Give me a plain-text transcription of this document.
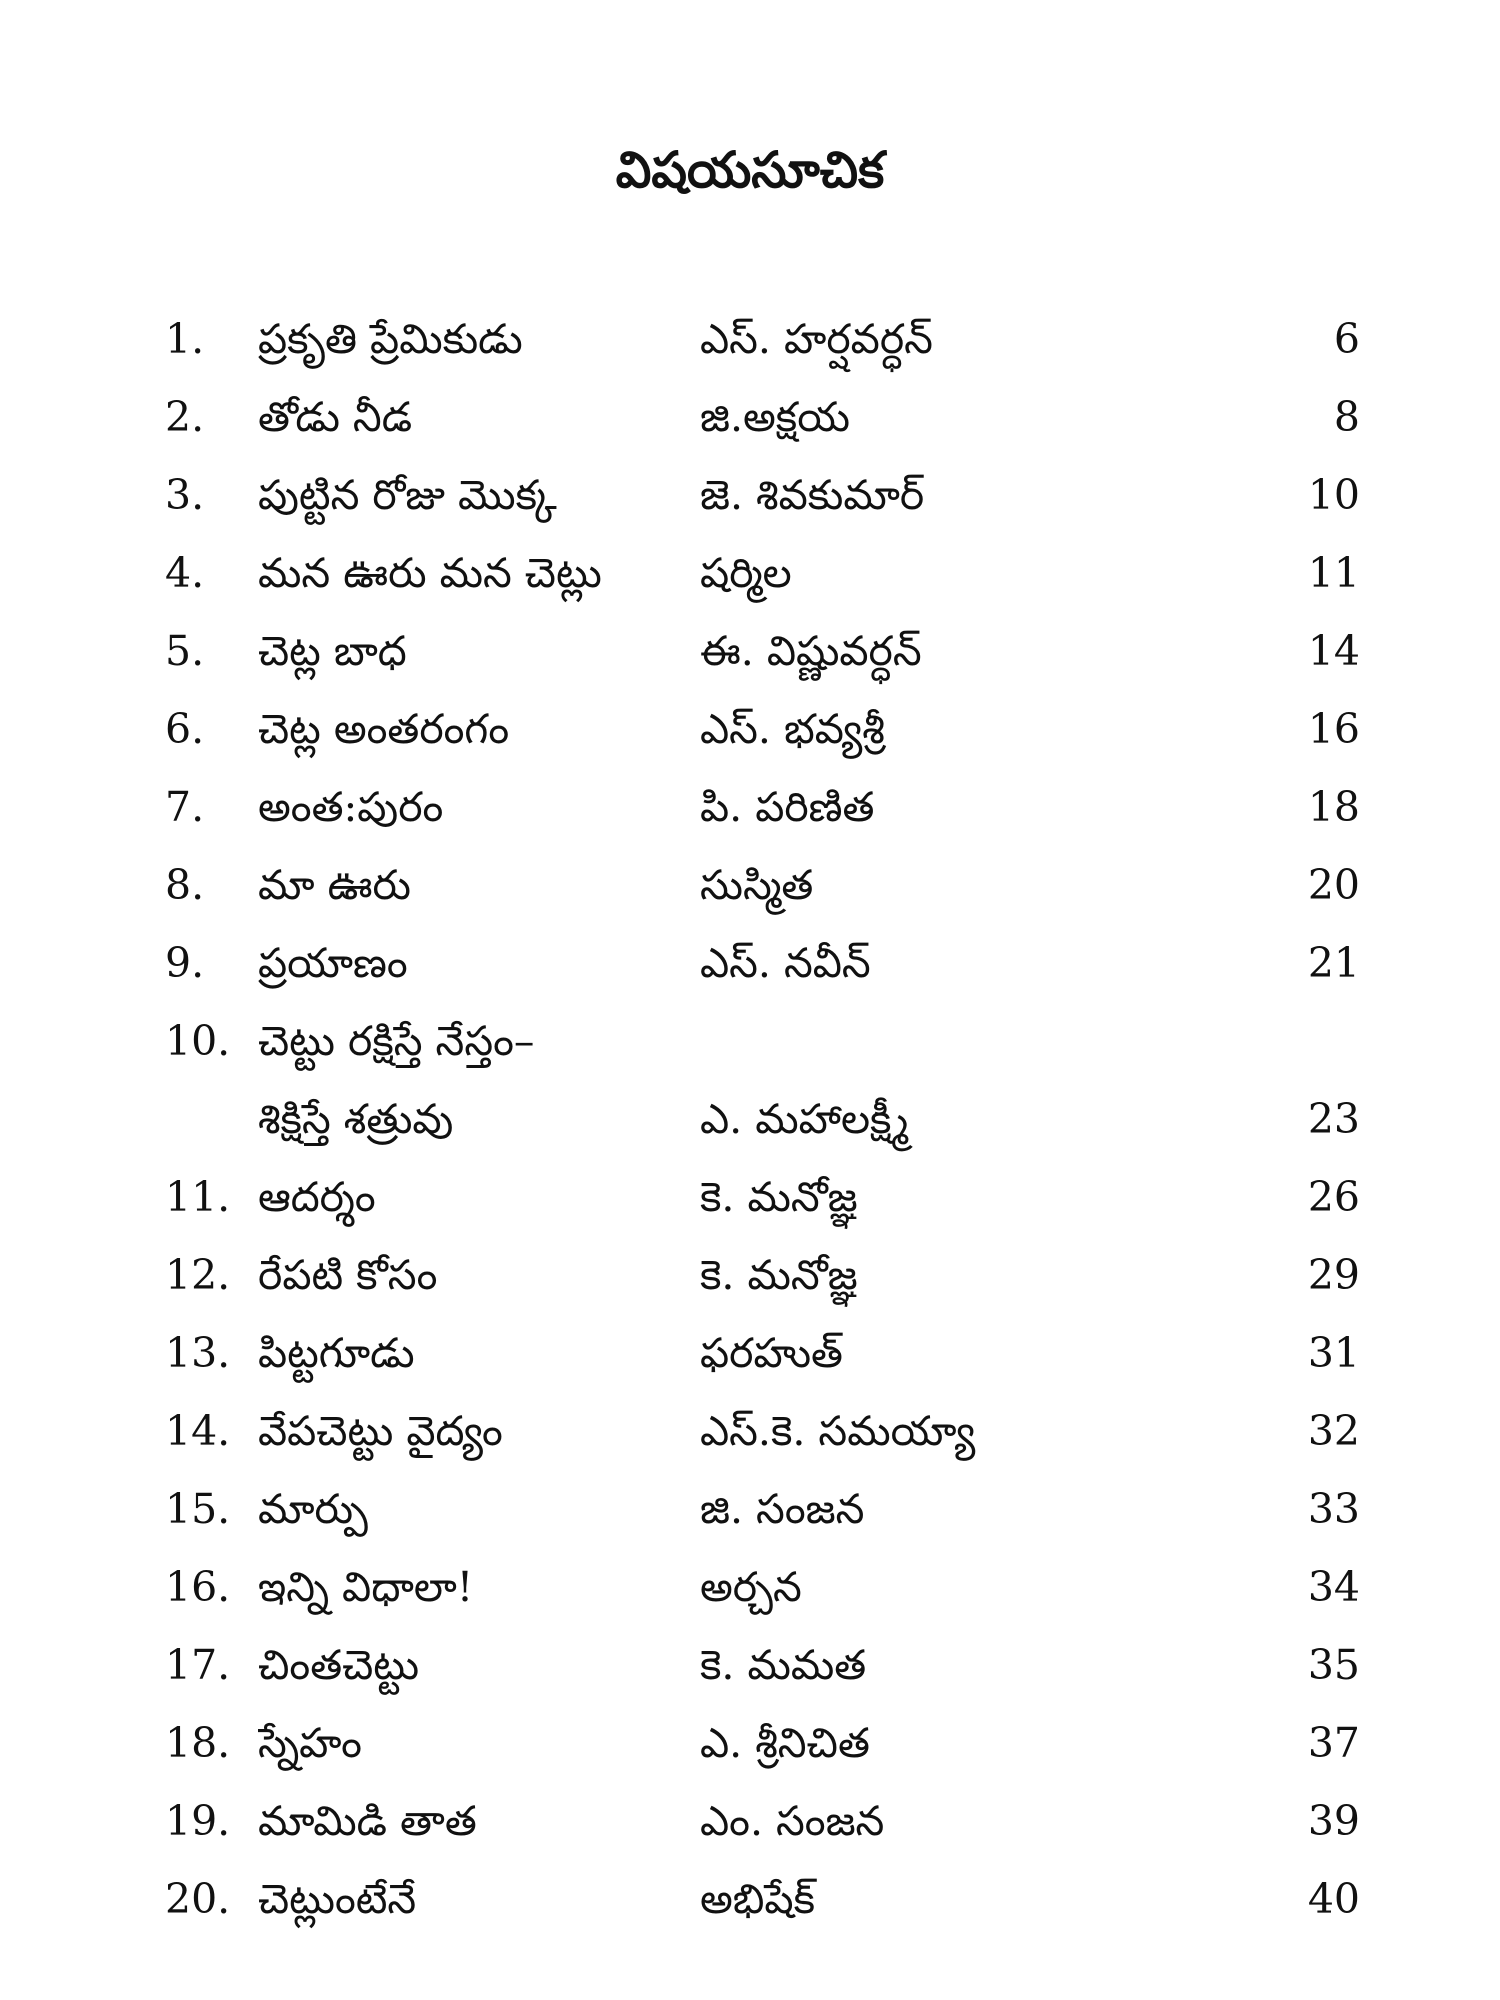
విషయసూచిక
1.	ప్రకృతి ప్రేమికుడు	ఎస్. హర్షవర్ధన్	6
2.	తోడు నీడ	జి.అక్షయ	8
3.	పుట్టిన రోజు మొక్క	జె. శివకుమార్	10
4.	మన ఊరు మన చెట్లు	షర్మిల	11
5.	చెట్ల బాధ	ఈ. విష్ణువర్ధన్	14
6.	చెట్ల అంతరంగం	ఎస్. భవ్యశ్రీ	16
7.	అంత:పురం	పి. పరిణిత	18
8.	మా ఊరు	సుస్మిత	20
9.	ప్రయాణం	ఎస్. నవీన్	21
10. చెట్టు రక్షిస్తే నేస్తం–
శిక్షిస్తే శత్రువు	ఎ. మహాలక్ష్మీ	23
11. ఆదర్శం	కె. మనోజ్ఞ	26
12. రేపటి కోసం	కె. మనోజ్ఞ	29
13. పిట్టగూడు	ఫరహుత్	31
14. వేపచెట్టు వైద్యం	ఎస్.కె. సమయ్యా	32
15. మార్పు	జి. సంజన	33
16. ఇన్ని విధాలా!	అర్చన	34
17. చింతచెట్టు	కె. మమత	35
18. స్నేహం	ఎ. శ్రీనిచిత	37
19. మామిడి తాత	ఎం. సంజన	39
20. చెట్లుంటేనే	అభిషేక్	40
